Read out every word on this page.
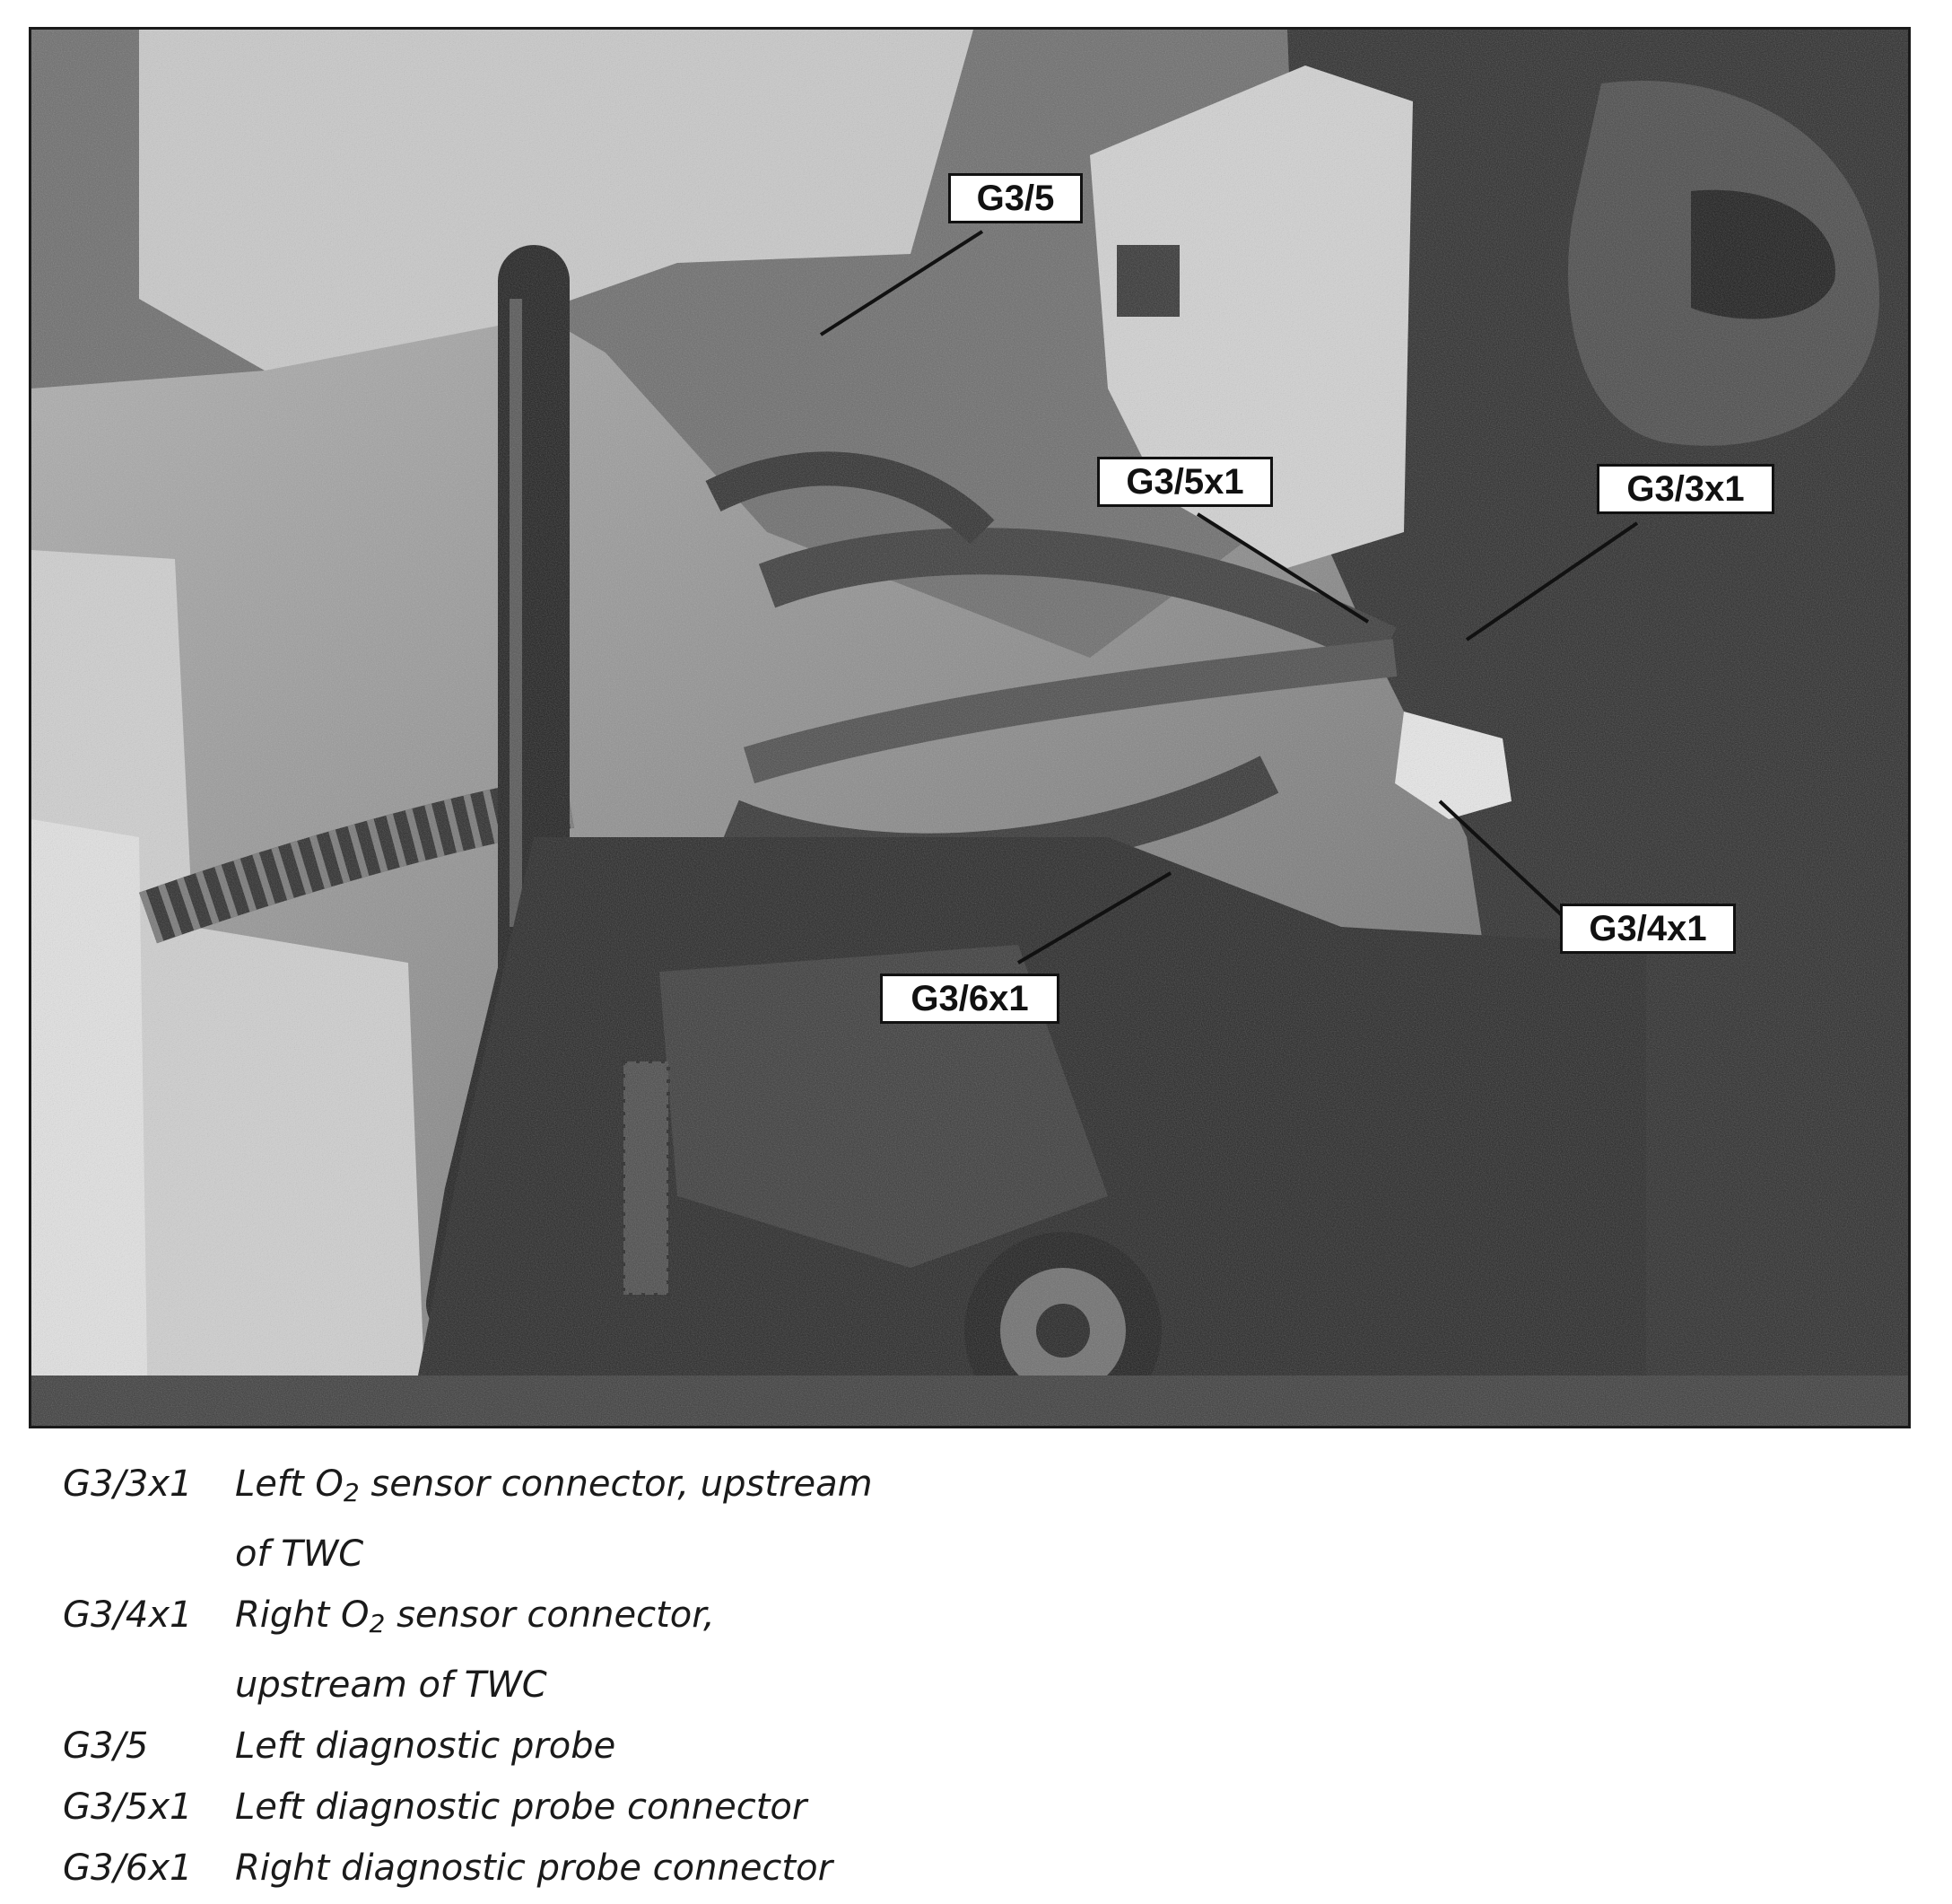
G3/5
G3/5x1	G3/3x1
G3/4x1
G3/6x1
G3/3x1	Left $O_2$ sensor connector, upstream
of TWC
G3/4x1	Right $O_2$ sensor connector,
upstream of TWC
G3/5	Left diagnostic probe
G3/5x1	Left diagnostic probe connector
G3/6x1	Right diagnostic probe connector
